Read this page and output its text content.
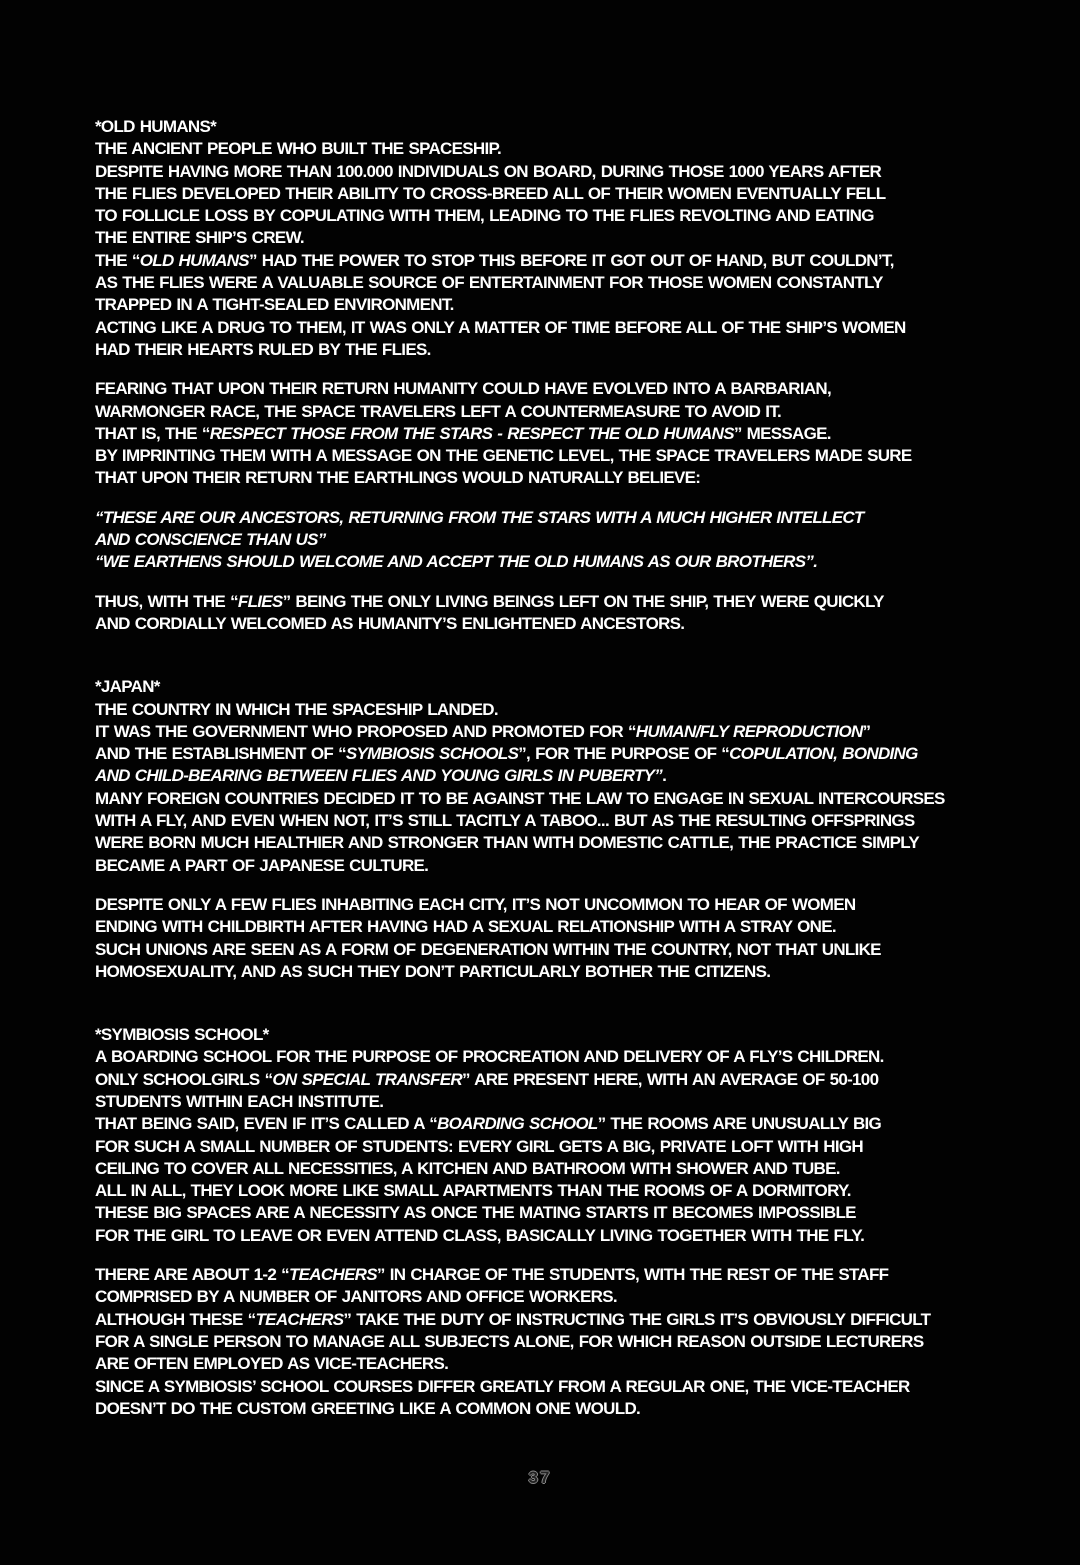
*OLD HUMANS*
THE ANCIENT PEOPLE WHO BUILT THE SPACESHIP.
DESPITE HAVING MORE THAN 100.000 INDIVIDUALS ON BOARD, DURING THOSE 1000 YEARS AFTER
THE FLIES DEVELOPED THEIR ABILITY TO CROSS-BREED ALL OF THEIR WOMEN EVENTUALLY FELL
TO FOLLICLE LOSS BY COPULATING WITH THEM, LEADING TO THE FLIES REVOLTING AND EATING
THE ENTIRE SHIP’S CREW.
THE “OLD HUMANS” HAD THE POWER TO STOP THIS BEFORE IT GOT OUT OF HAND, BUT COULDN’T,
AS THE FLIES WERE A VALUABLE SOURCE OF ENTERTAINMENT FOR THOSE WOMEN CONSTANTLY
TRAPPED IN A TIGHT-SEALED ENVIRONMENT.
ACTING LIKE A DRUG TO THEM, IT WAS ONLY A MATTER OF TIME BEFORE ALL OF THE SHIP’S WOMEN
HAD THEIR HEARTS RULED BY THE FLIES.
FEARING THAT UPON THEIR RETURN HUMANITY COULD HAVE EVOLVED INTO A BARBARIAN,
WARMONGER RACE, THE SPACE TRAVELERS LEFT A COUNTERMEASURE TO AVOID IT.
THAT IS, THE “RESPECT THOSE FROM THE STARS - RESPECT THE OLD HUMANS” MESSAGE.
BY IMPRINTING THEM WITH A MESSAGE ON THE GENETIC LEVEL, THE SPACE TRAVELERS MADE SURE
THAT UPON THEIR RETURN THE EARTHLINGS WOULD NATURALLY BELIEVE:
“THESE ARE OUR ANCESTORS, RETURNING FROM THE STARS WITH A MUCH HIGHER INTELLECT
AND CONSCIENCE THAN US”
“WE EARTHENS SHOULD WELCOME AND ACCEPT THE OLD HUMANS AS OUR BROTHERS”.
THUS, WITH THE “FLIES” BEING THE ONLY LIVING BEINGS LEFT ON THE SHIP, THEY WERE QUICKLY
AND CORDIALLY WELCOMED AS HUMANITY’S ENLIGHTENED ANCESTORS.
*JAPAN*
THE COUNTRY IN WHICH THE SPACESHIP LANDED.
IT WAS THE GOVERNMENT WHO PROPOSED AND PROMOTED FOR “HUMAN/FLY REPRODUCTION”
AND THE ESTABLISHMENT OF “SYMBIOSIS SCHOOLS”, FOR THE PURPOSE OF “COPULATION, BONDING
AND CHILD-BEARING BETWEEN FLIES AND YOUNG GIRLS IN PUBERTY”.
MANY FOREIGN COUNTRIES DECIDED IT TO BE AGAINST THE LAW TO ENGAGE IN SEXUAL INTERCOURSES
WITH A FLY, AND EVEN WHEN NOT, IT’S STILL TACITLY A TABOO... BUT AS THE RESULTING OFFSPRINGS
WERE BORN MUCH HEALTHIER AND STRONGER THAN WITH DOMESTIC CATTLE, THE PRACTICE SIMPLY
BECAME A PART OF JAPANESE CULTURE.
DESPITE ONLY A FEW FLIES INHABITING EACH CITY, IT’S NOT UNCOMMON TO HEAR OF WOMEN
ENDING WITH CHILDBIRTH AFTER HAVING HAD A SEXUAL RELATIONSHIP WITH A STRAY ONE.
SUCH UNIONS ARE SEEN AS A FORM OF DEGENERATION WITHIN THE COUNTRY, NOT THAT UNLIKE
HOMOSEXUALITY, AND AS SUCH THEY DON’T PARTICULARLY BOTHER THE CITIZENS.
*SYMBIOSIS SCHOOL*
A BOARDING SCHOOL FOR THE PURPOSE OF PROCREATION AND DELIVERY OF A FLY’S CHILDREN.
ONLY SCHOOLGIRLS “ON SPECIAL TRANSFER” ARE PRESENT HERE, WITH AN AVERAGE OF 50-100
STUDENTS WITHIN EACH INSTITUTE.
THAT BEING SAID, EVEN IF IT’S CALLED A “BOARDING SCHOOL” THE ROOMS ARE UNUSUALLY BIG
FOR SUCH A SMALL NUMBER OF STUDENTS: EVERY GIRL GETS A BIG, PRIVATE LOFT WITH HIGH
CEILING TO COVER ALL NECESSITIES, A KITCHEN AND BATHROOM WITH SHOWER AND TUBE.
ALL IN ALL, THEY LOOK MORE LIKE SMALL APARTMENTS THAN THE ROOMS OF A DORMITORY.
THESE BIG SPACES ARE A NECESSITY AS ONCE THE MATING STARTS IT BECOMES IMPOSSIBLE
FOR THE GIRL TO LEAVE OR EVEN ATTEND CLASS, BASICALLY LIVING TOGETHER WITH THE FLY.
THERE ARE ABOUT 1-2 “TEACHERS” IN CHARGE OF THE STUDENTS, WITH THE REST OF THE STAFF
COMPRISED BY A NUMBER OF JANITORS AND OFFICE WORKERS.
ALTHOUGH THESE “TEACHERS” TAKE THE DUTY OF INSTRUCTING THE GIRLS IT’S OBVIOUSLY DIFFICULT
FOR A SINGLE PERSON TO MANAGE ALL SUBJECTS ALONE, FOR WHICH REASON OUTSIDE LECTURERS
ARE OFTEN EMPLOYED AS VICE-TEACHERS.
SINCE A SYMBIOSIS’ SCHOOL COURSES DIFFER GREATLY FROM A REGULAR ONE, THE VICE-TEACHER
DOESN’T DO THE CUSTOM GREETING LIKE A COMMON ONE WOULD.
37
